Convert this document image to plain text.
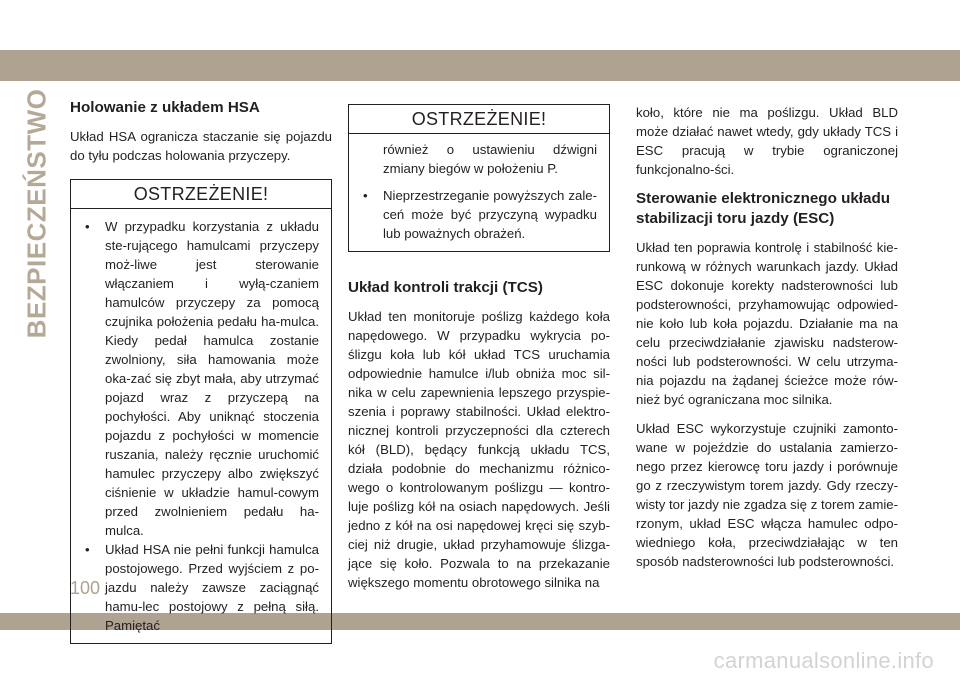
BEZPIECZEŃSTWO Holowanie z układem HSA

Układ HSA ogranicza staczanie się pojazdu do tyłu podczas holowania przyczepy.

OSTRZEŻENIE!
• W przypadku korzystania z układu ste-rującego hamulcami przyczepy moż-liwe jest sterowanie włączaniem i wyłą-czaniem hamulców przyczepy za pomocą czujnika położenia pedału ha-mulca. Kiedy pedał hamulca zostanie zwolniony, siła hamowania może oka-zać się zbyt mała, aby utrzymać pojazd wraz z przyczepą na pochyłości. Aby uniknąć stoczenia pojazdu z pochyłości w momencie ruszania, należy ręcznie uruchomić hamulec przyczepy albo zwiększyć ciśnienie w układzie hamul-cowym przed zwolnieniem pedału ha-mulca.
• Układ HSA nie pełni funkcji hamulca postojowego. Przed wyjściem z po-jazdu należy zawsze zaciągnąć hamu-lec postojowy z pełną siłą. Pamiętać
OSTRZEŻENIE!
również o ustawieniu dźwigni zmiany biegów w położeniu P.
• Nieprzestrzeganie powyższych zale-ceń może być przyczyną wypadku lub poważnych obrażeń.
Układ kontroli trakcji (TCS)

Układ ten monitoruje poślizg każdego koła napędowego. W przypadku wykrycia po-ślizgu koła lub kół układ TCS uruchamia odpowiednie hamulce i/lub obniża moc sil-nika w celu zapewnienia lepszego przyspie-szenia i poprawy stabilności. Układ elektro-nicznej kontroli przyczepności dla czterech kół (BLD), będący funkcją układu TCS, działa podobnie do mechanizmu różnico-wego o kontrolowanym poślizgu — kontro-luje poślizg kół na osiach napędowych. Jeśli jedno z kół na osi napędowej kręci się szyb-ciej niż drugie, układ przyhamowuje ślizga-jące się koło. Pozwala to na przekazanie większego momentu obrotowego silnika na

koło, które nie ma poślizgu. Układ BLD może działać nawet wtedy, gdy układy TCS i ESC pracują w trybie ograniczonej funkcjonalno-ści.

Sterowanie elektronicznego układu stabilizacji toru jazdy (ESC)

Układ ten poprawia kontrolę i stabilność kie-runkową w różnych warunkach jazdy. Układ ESC dokonuje korekty nadsterowności lub podsterowności, przyhamowując odpowied-nie koło lub koła pojazdu. Działanie ma na celu przeciwdziałanie zjawisku nadsterow-ności lub podsterowności. W celu utrzyma-nia pojazdu na żądanej ścieżce może rów-nież być ograniczana moc silnika.

Układ ESC wykorzystuje czujniki zamonto-wane w pojeździe do ustalania zamierzo-nego przez kierowcę toru jazdy i porównuje go z rzeczywistym torem jazdy. Gdy rzeczy-wisty tor jazdy nie zgadza się z torem zamie-rzonym, układ ESC włącza hamulec odpo-wiedniego koła, przeciwdziałając w ten sposób nadsterowności lub podsterowności.

100
carmanualsonline.info
